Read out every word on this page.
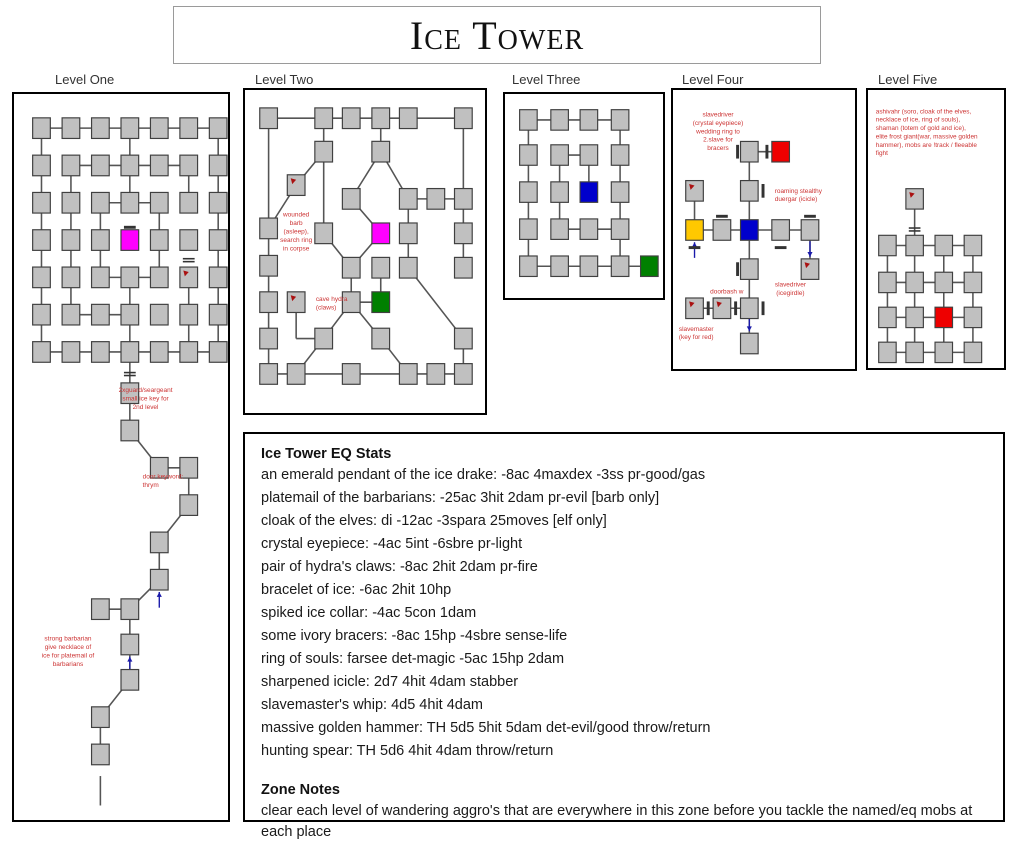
Ice Tower
Level One
2xguard/seargeant small ice key for 2nd level
door keyword: thrym
strong barbarian give necklace of ice for platemail of barbarians
Level Two
wounded barb (asleep), search ring in corpse
cave hydra (claws)
Level Three	Level Four
slavedriver (crystal eyepiece) wedding ring to 2.slave for bracers
roaming stealthy duergar (icicle)
slavedriver (icegirdle)
doorbash w
slavemaster (key for red)
Level Five
ashivahr (soro, cloak of the elves, necklace of ice, ring of souls), shaman (totem of gold and ice), elite frost giant(war, massive golden hammer), mobs are !track / fleeable fight
Ice Tower EQ Stats
an emerald pendant of the ice drake: -8ac 4maxdex -3ss pr-good/gas
platemail of the barbarians: -25ac 3hit 2dam pr-evil [barb only]
cloak of the elves: di -12ac -3spara 25moves [elf only]
crystal eyepiece: -4ac 5int -6sbre pr-light
pair of hydra's claws: -8ac 2hit 2dam pr-fire
bracelet of ice: -6ac 2hit 10hp
spiked ice collar: -4ac 5con 1dam
some ivory bracers: -8ac 15hp -4sbre sense-life
ring of souls: farsee det-magic -5ac 15hp 2dam
sharpened icicle: 2d7 4hit 4dam stabber
slavemaster's whip: 4d5 4hit 4dam
massive golden hammer: TH 5d5 5hit 5dam det-evil/good throw/return
hunting spear: TH 5d6 4hit 4dam throw/return
Zone Notes
clear each level of wandering aggro's that are everywhere in this zone before you tackle the named/eq mobs at each place
